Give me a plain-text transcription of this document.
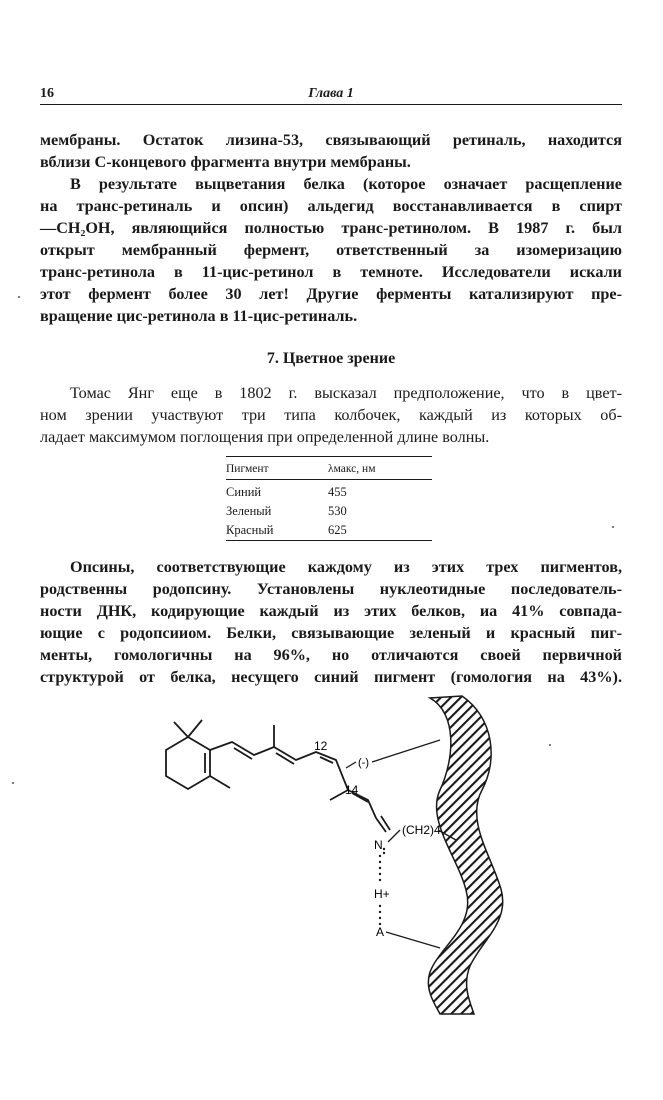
16	Глава 1
мембраны. Остаток лизина-53, связывающий ретиналь, находится
вблизи С-концевого фрагмента внутри мембраны.
В результате выцветания белка (которое означает расщепление
на транс-ретиналь и опсин) альдегид восстанавливается в спирт
—CH₂OH, являющийся полностью транс-ретинолом. В 1987 г. был
открыт мембранный фермент, ответственный за изомеризацию
транс-ретинола в 11-цис-ретинол в темноте. Исследователи искали
этот фермент более 30 лет! Другие ферменты катализируют пре-
вращение цис-ретинола в 11-цис-ретиналь.
7. Цветное зрение
Томас Янг еще в 1802 г. высказал предположение, что в цвет-
ном зрении участвуют три типа колбочек, каждый из которых об-
ладает максимумом поглощения при определенной длине волны.
Пигмент	λмакс, нм
Синий	455
Зеленый	530
Красный	625
Опсины, соответствующие каждому из этих трех пигментов,
родственны родопсину. Установлены нуклеотидные последователь-
ности ДНК, кодирующие каждый из этих белков, иа 41% совпада-
ющие с родопсииом. Белки, связывающие зеленый и красный пиг-
менты, гомологичны на 96%, но отличаются своей первичной
структурой от белка, несущего синий пигмент (гомология на 43%).
12
14
(-)
N
(CH2)4
H+
A
